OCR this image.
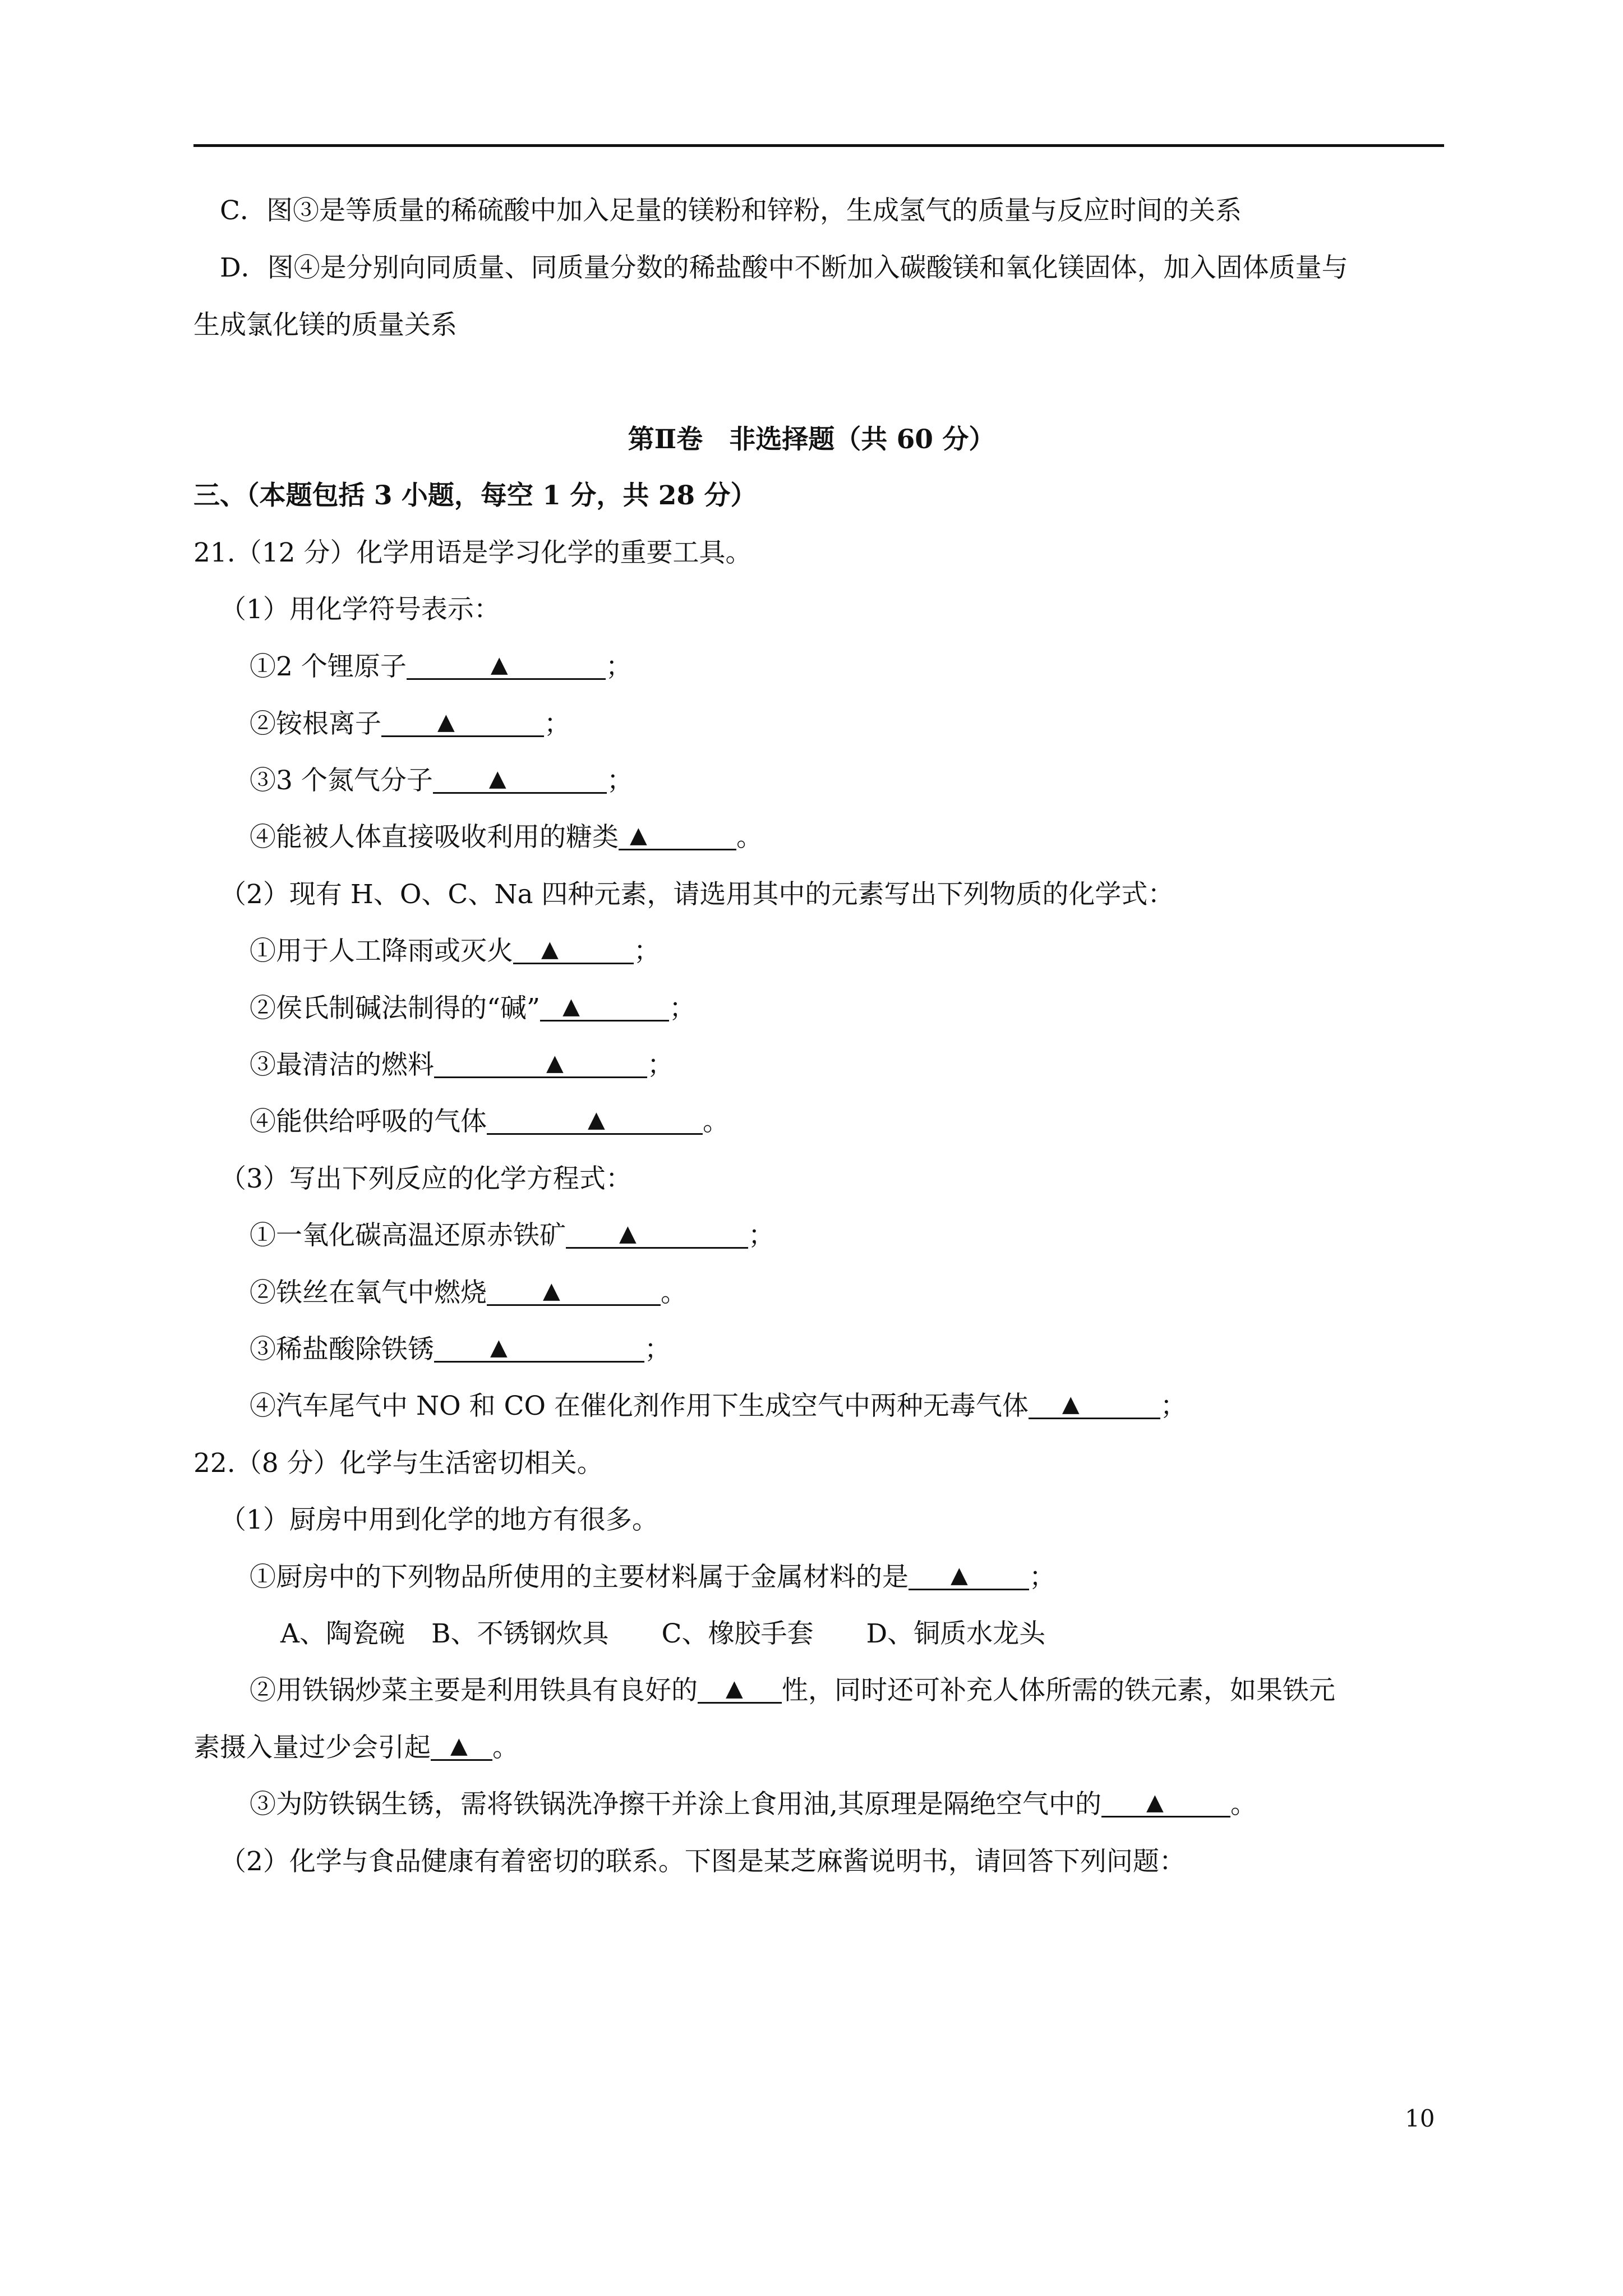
C．图③是等质量的稀硫酸中加入足量的镁粉和锌粉，生成氢气的质量与反应时间的关系
D．图④是分别向同质量、同质量分数的稀盐酸中不断加入碳酸镁和氧化镁固体，加入固体质量与
生成氯化镁的质量关系
第Ⅱ卷　非选择题（共 60 分）
三、（本题包括 3 小题，每空 1 分，共 28 分）
21.（12 分）化学用语是学习化学的重要工具。
（1）用化学符号表示：
①2 个锂原子	▲	；
②铵根离子	▲	；
③3 个氮气分子	▲	；
④能被人体直接吸收利用的糖类 ▲	。
（2）现有 H、O、C、Na 四种元素，请选用其中的元素写出下列物质的化学式：
①用于人工降雨或灭火 ▲	；
②侯氏制碱法制得的“碱” ▲	；
③最清洁的燃料	▲	；
④能供给呼吸的气体	▲	。
（3）写出下列反应的化学方程式：
①一氧化碳高温还原赤铁矿 ▲	；
②铁丝在氧气中燃烧	▲	。
③稀盐酸除铁锈	▲	；
④汽车尾气中 NO 和 CO 在催化剂作用下生成空气中两种无毒气体 ▲	；
22.（8 分）化学与生活密切相关。
（1）厨房中用到化学的地方有很多。
①厨房中的下列物品所使用的主要材料属于金属材料的是 ▲ ；
A、陶瓷碗　B、不锈钢炊具　　C、橡胶手套　　D、铜质水龙头
②用铁锅炒菜主要是利用铁具有良好的 ▲ 性，同时还可补充人体所需的铁元素，如果铁元
素摄入量过少会引起 ▲ 。
③为防铁锅生锈，需将铁锅洗净擦干并涂上食用油,其原理是隔绝空气中的 ▲	。
（2）化学与食品健康有着密切的联系。下图是某芝麻酱说明书，请回答下列问题：
10
